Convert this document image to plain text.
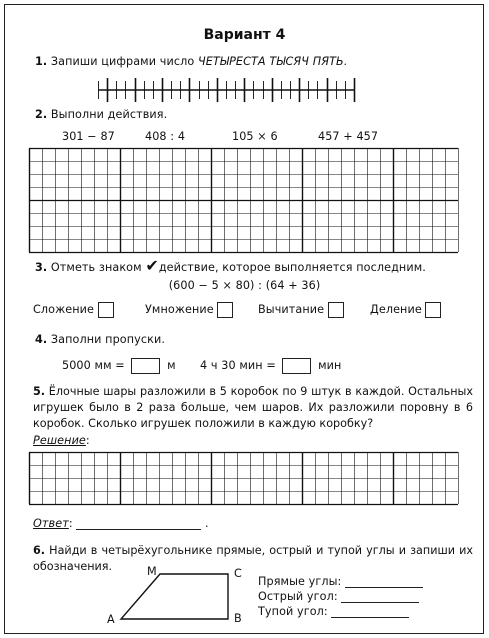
Вариант 4
1. Запиши цифрами число ЧЕТЫРЕСТА ТЫСЯЧ ПЯТЬ.
2. Выполни действия.
301 − 87	408 : 4	105 × 6	457 + 457
3. Отметь знаком ✔действие, которое выполняется последним.
(600 − 5 × 80) : (64 + 36)
Сложение	Умножение	Вычитание	Деление
4. Заполни пропуски.
5000 мм =	м 4 ч 30 мин =	мин
5. Ёлочные шары разложили в 5 коробок по 9 штук в каждой. Остальных игрушек было в 2 раза больше, чем шаров. Их разложили поровну в 6 коробок. Сколько игрушек положили в каждую коробку?
Решение:
Ответ:	.
6. Найди в четырёхугольнике прямые, острый и тупой углы и запиши их обозначения.	M	C
A	B
Прямые углы:
Острый угол:
Тупой угол:
